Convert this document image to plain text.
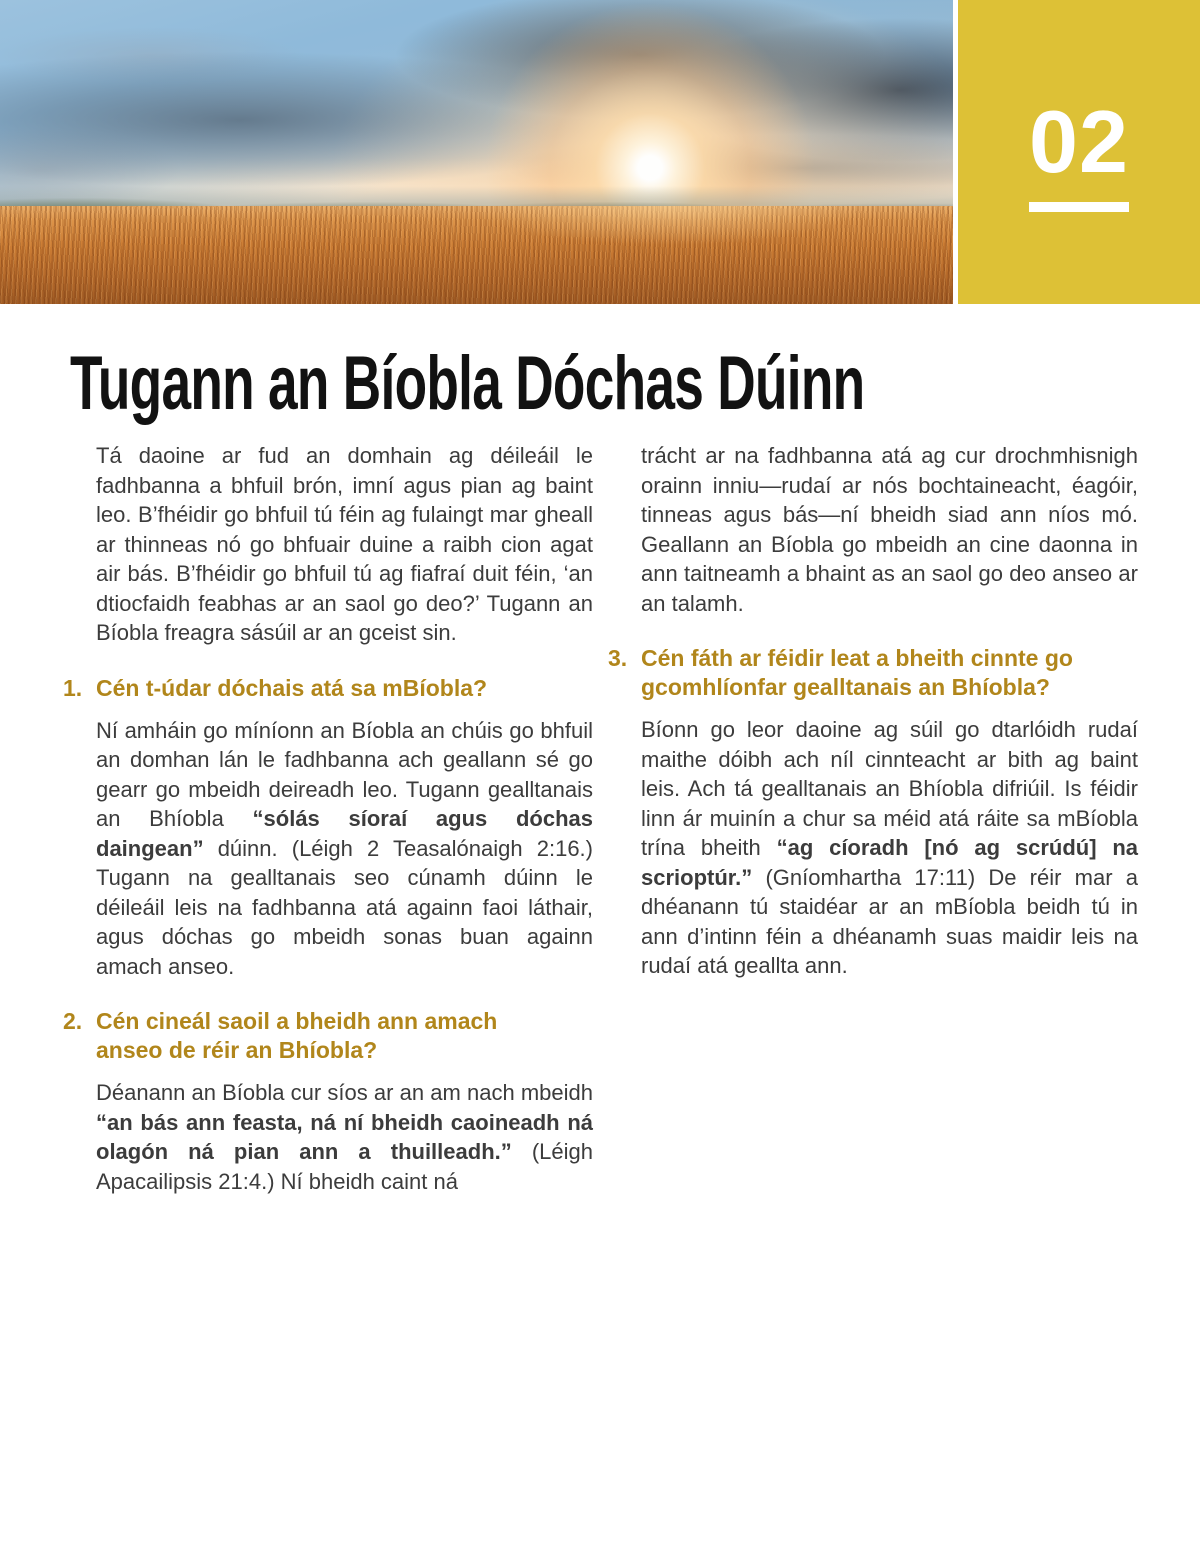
02
Tugann an Bíobla Dóchas Dúinn

Tá daoine ar fud an domhain ag déileáil le fadhbanna a bhfuil brón, imní agus pian ag baint leo. B’fhéidir go bhfuil tú féin ag fulaingt mar gheall ar thinneas nó go bhfuair duine a raibh cion agat air bás. B’fhéidir go bhfuil tú ag fiafraí duit féin, ‘an dtiocfaidh feabhas ar an saol go deo?’ Tugann an Bíobla freagra sásúil ar an gceist sin.

1. Cén t-údar dóchais atá sa mBíobla?

Ní amháin go míníonn an Bíobla an chúis go bhfuil an domhan lán le fadhbanna ach geallann sé go gearr go mbeidh deireadh leo. Tugann gealltanais an Bhíobla “sólás síoraí agus dóchas daingean” dúinn. (Léigh 2 Teasalónaigh 2:16.) Tugann na gealltanais seo cúnamh dúinn le déileáil leis na fadhbanna atá againn faoi láthair, agus dóchas go mbeidh sonas buan againn amach anseo.

2. Cén cineál saoil a bheidh ann amach anseo de réir an Bhíobla?

Déanann an Bíobla cur síos ar an am nach mbeidh “an bás ann feasta, ná ní bheidh caoineadh ná olagón ná pian ann a thuilleadh.” (Léigh Apacailipsis 21:4.) Ní bheidh caint ná

trácht ar na fadhbanna atá ag cur drochmhisnigh orainn inniu—rudaí ar nós bochtaineacht, éagóir, tinneas agus bás—ní bheidh siad ann níos mó. Geallann an Bíobla go mbeidh an cine daonna in ann taitneamh a bhaint as an saol go deo anseo ar an talamh.

3. Cén fáth ar féidir leat a bheith cinnte go gcomhlíonfar gealltanais an Bhíobla?

Bíonn go leor daoine ag súil go dtarlóidh rudaí maithe dóibh ach níl cinnteacht ar bith ag baint leis. Ach tá gealltanais an Bhíobla difriúil. Is féidir linn ár muinín a chur sa méid atá ráite sa mBíobla trína bheith “ag cíoradh [nó ag scrúdú] na scrioptúr.” (Gníomhartha 17:11) De réir mar a dhéanann tú staidéar ar an mBíobla beidh tú in ann d’intinn féin a dhéanamh suas maidir leis na rudaí atá geallta ann.
